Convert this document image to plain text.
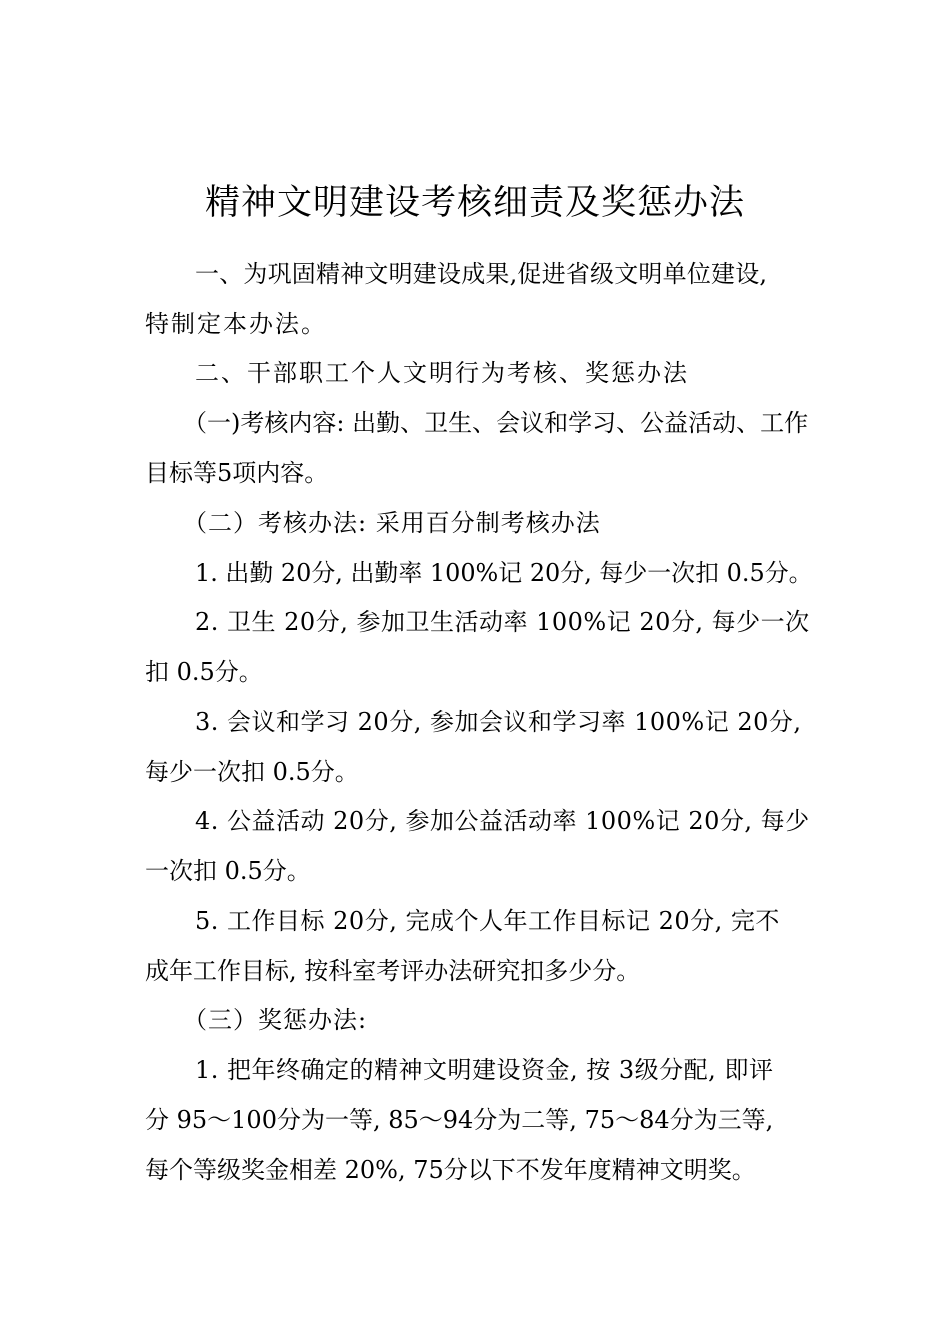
精神文明建设考核细责及奖惩办法
一、为巩固精神文明建设成果,促进省级文明单位建设,
特制定本办法。
二、干部职工个人文明行为考核、奖惩办法
（一)考核内容: 出勤、卫生、会议和学习、公益活动、工作
目标等5项内容。
（二）考核办法: 采用百分制考核办法
1. 出勤 20分, 出勤率 100%记 20分, 每少一次扣 0.5分。
2. 卫生 20分, 参加卫生活动率 100%记 20分, 每少一次
扣 0.5分。
3. 会议和学习 20分, 参加会议和学习率 100%记 20分,
每少一次扣 0.5分。
4. 公益活动 20分, 参加公益活动率 100%记 20分, 每少
一次扣 0.5分。
5. 工作目标 20分, 完成个人年工作目标记 20分, 完不
成年工作目标, 按科室考评办法研究扣多少分。
（三）奖惩办法:
1. 把年终确定的精神文明建设资金, 按 3级分配, 即评
分 95～100分为一等, 85～94分为二等, 75～84分为三等,
每个等级奖金相差 20%, 75分以下不发年度精神文明奖。
